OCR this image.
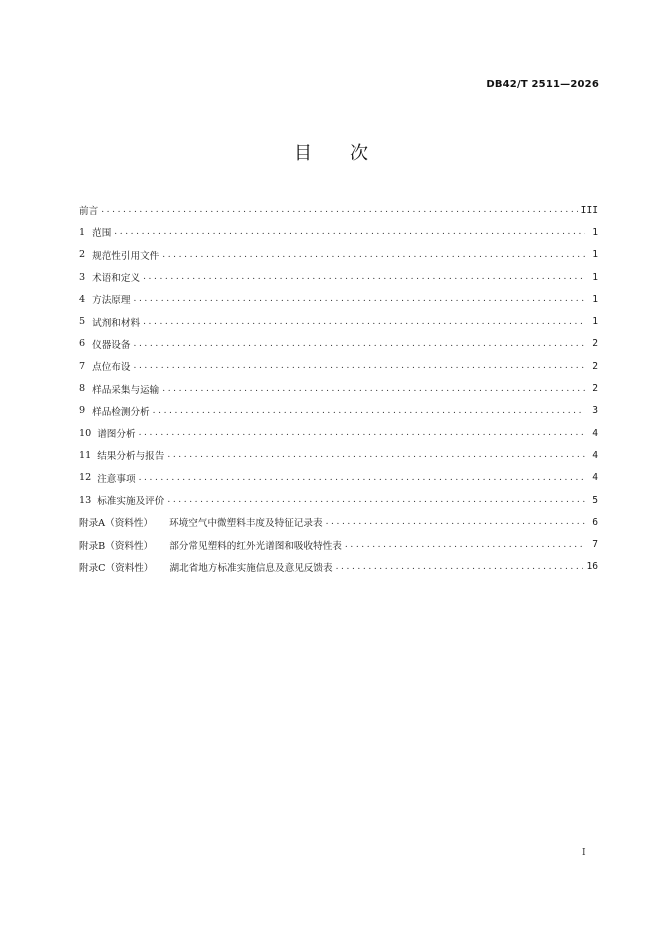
DB42/T 2511—2026
目 次
前言 .....	III
1 范围 .....	1
2 规范性引用文件 .....	1
3 术语和定义 .....	1
4 方法原理 .....	1
5 试剂和材料 .....	1
6 仪器设备 .....	2
7 点位布设 .....	2
8 样品采集与运输 .....	2
9 样品检测分析 .....	3
10 谱图分析 .....	4
11 结果分析与报告 .....	4
12 注意事项 .....	4
13 标准实施及评价 .....	5
附录A（资料性）	环境空气中微塑料丰度及特征记录表 .....	6
附录B（资料性）	部分常见塑料的红外光谱图和吸收特性表 .....	7
附录C（资料性）	湖北省地方标准实施信息及意见反馈表 .....	16
I
